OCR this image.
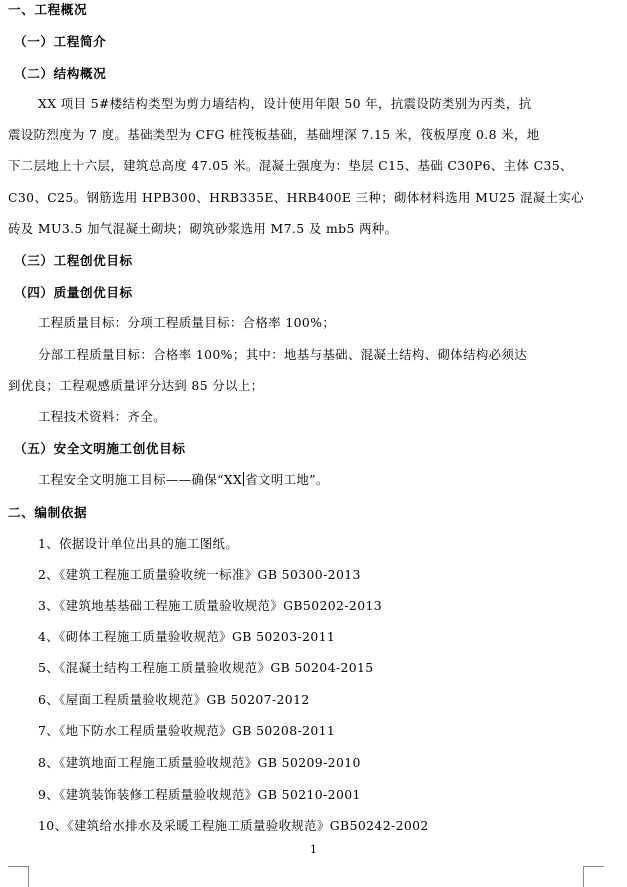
一、工程概况
（一）工程简介
（二）结构概况
XX 项目 5#楼结构类型为剪力墙结构，设计使用年限 50 年，抗震设防类别为丙类，抗
震设防烈度为 7 度。基础类型为 CFG 桩筏板基础，基础埋深 7.15 米，筏板厚度 0.8 米，地
下二层地上十六层，建筑总高度 47.05 米。混凝土强度为：垫层 C15、基础 C30P6、主体 C35、
C30、C25。钢筋选用 HPB300、HRB335E、HRB400E 三种；砌体材料选用 MU25 混凝土实心
砖及 MU3.5 加气混凝土砌块；砌筑砂浆选用 M7.5 及 mb5 两种。
（三）工程创优目标
（四）质量创优目标
工程质量目标：分项工程质量目标：合格率 100%；
分部工程质量目标：合格率 100%；其中：地基与基础、混凝土结构、砌体结构必须达
到优良；工程观感质量评分达到 85 分以上；
工程技术资料：齐全。
（五）安全文明施工创优目标
工程安全文明施工目标——确保“XX 省文明工地”。
二、编制依据
1、依据设计单位出具的施工图纸。
2、《建筑工程施工质量验收统一标准》GB 50300-2013
3、《建筑地基基础工程施工质量验收规范》GB50202-2013
4、《砌体工程施工质量验收规范》GB 50203-2011
5、《混凝土结构工程施工质量验收规范》GB 50204-2015
6、《屋面工程质量验收规范》GB 50207-2012
7、《地下防水工程质量验收规范》GB 50208-2011
8、《建筑地面工程施工质量验收规范》GB 50209-2010
9、《建筑装饰装修工程质量验收规范》GB 50210-2001
10、《建筑给水排水及采暖工程施工质量验收规范》GB50242-2002
1
